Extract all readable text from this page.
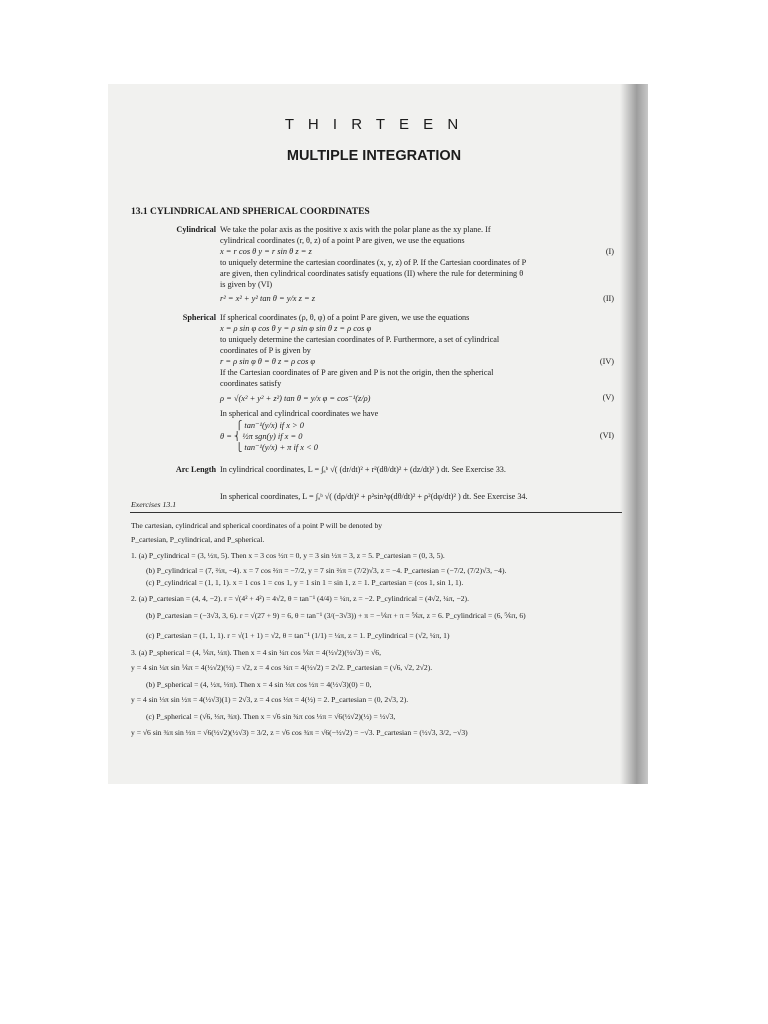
T H I R T E E N
MULTIPLE INTEGRATION
13.1 CYLINDRICAL AND SPHERICAL COORDINATES
Cylindrical We take the polar axis as the positive x axis with the polar plane as the xy plane. If
cylindrical coordinates (r, θ, z) of a point P are given, we use the equations
x = r cos θ y = r sin θ z = z	(I)
to uniquely determine the cartesian coordinates (x, y, z) of P. If the Cartesian coordinates of P
are given, then cylindrical coordinates satisfy equations (II) where the rule for determining θ
is given by (VI)
r² = x² + y² tan θ = y/x z = z	(II)
Spherical If spherical coordinates (ρ, θ, φ) of a point P are given, we use the equations
x = ρ sin φ cos θ y = ρ sin φ sin θ z = ρ cos φ
to uniquely determine the cartesian coordinates of P. Furthermore, a set of cylindrical
coordinates of P is given by
r = ρ sin φ θ = θ z = ρ cos φ	(IV)
If the Cartesian coordinates of P are given and P is not the origin, then the spherical
coordinates satisfy
ρ = √(x² + y² + z²) tan θ = y/x φ = cos⁻¹(z/ρ)	(V)
In spherical and cylindrical coordinates we have
⎧ tan⁻¹(y/x) if x > 0
θ = ⎨ ½π sgn(y) if x = 0	(VI)
⎩ tan⁻¹(y/x) + π if x < 0
Arc Length In cylindrical coordinates, L = ∫ₐᵇ √( (dr/dt)² + r²(dθ/dt)² + (dz/dt)² ) dt. See Exercise 33.
In spherical coordinates, L = ∫ₐᵇ √( (dρ/dt)² + ρ²sin²φ(dθ/dt)² + ρ²(dφ/dt)² ) dt. See Exercise 34.
Exercises 13.1
The cartesian, cylindrical and spherical coordinates of a point P will be denoted by
P_cartesian, P_cylindrical, and P_spherical.
1. (a) P_cylindrical = (3, ½π, 5). Then x = 3 cos ½π = 0, y = 3 sin ½π = 3, z = 5. P_cartesian = (0, 3, 5).
(b) P_cylindrical = (7, ⅔π, −4). x = 7 cos ⅔π = −7/2, y = 7 sin ⅔π = (7/2)√3, z = −4. P_cartesian = (−7/2, (7/2)√3, −4).
(c) P_cylindrical = (1, 1, 1). x = 1 cos 1 = cos 1, y = 1 sin 1 = sin 1, z = 1. P_cartesian = (cos 1, sin 1, 1).
2. (a) P_cartesian = (4, 4, −2). r = √(4² + 4²) = 4√2, θ = tan⁻¹ (4/4) = ¼π, z = −2. P_cylindrical = (4√2, ¼π, −2).
(b) P_cartesian = (−3√3, 3, 6). r = √(27 + 9) = 6, θ = tan⁻¹ (3/(−3√3)) + π = −⅙π + π = ⅚π, z = 6. P_cylindrical = (6, ⅚π, 6)
(c) P_cartesian = (1, 1, 1). r = √(1 + 1) = √2, θ = tan⁻¹ (1/1) = ¼π, z = 1. P_cylindrical = (√2, ¼π, 1)
3. (a) P_spherical = (4, ⅙π, ¼π). Then x = 4 sin ¼π cos ⅙π = 4(½√2)(½√3) = √6,
y = 4 sin ¼π sin ⅙π = 4(½√2)(½) = √2, z = 4 cos ¼π = 4(½√2) = 2√2. P_cartesian = (√6, √2, 2√2).
(b) P_spherical = (4, ½π, ⅓π). Then x = 4 sin ⅓π cos ½π = 4(½√3)(0) = 0,
y = 4 sin ⅓π sin ½π = 4(½√3)(1) = 2√3, z = 4 cos ⅓π = 4(½) = 2. P_cartesian = (0, 2√3, 2).
(c) P_spherical = (√6, ⅓π, ¾π). Then x = √6 sin ¾π cos ⅓π = √6(½√2)(½) = ½√3,
y = √6 sin ¾π sin ⅓π = √6(½√2)(½√3) = 3/2, z = √6 cos ¾π = √6(−½√2) = −√3. P_cartesian = (½√3, 3/2, −√3)
